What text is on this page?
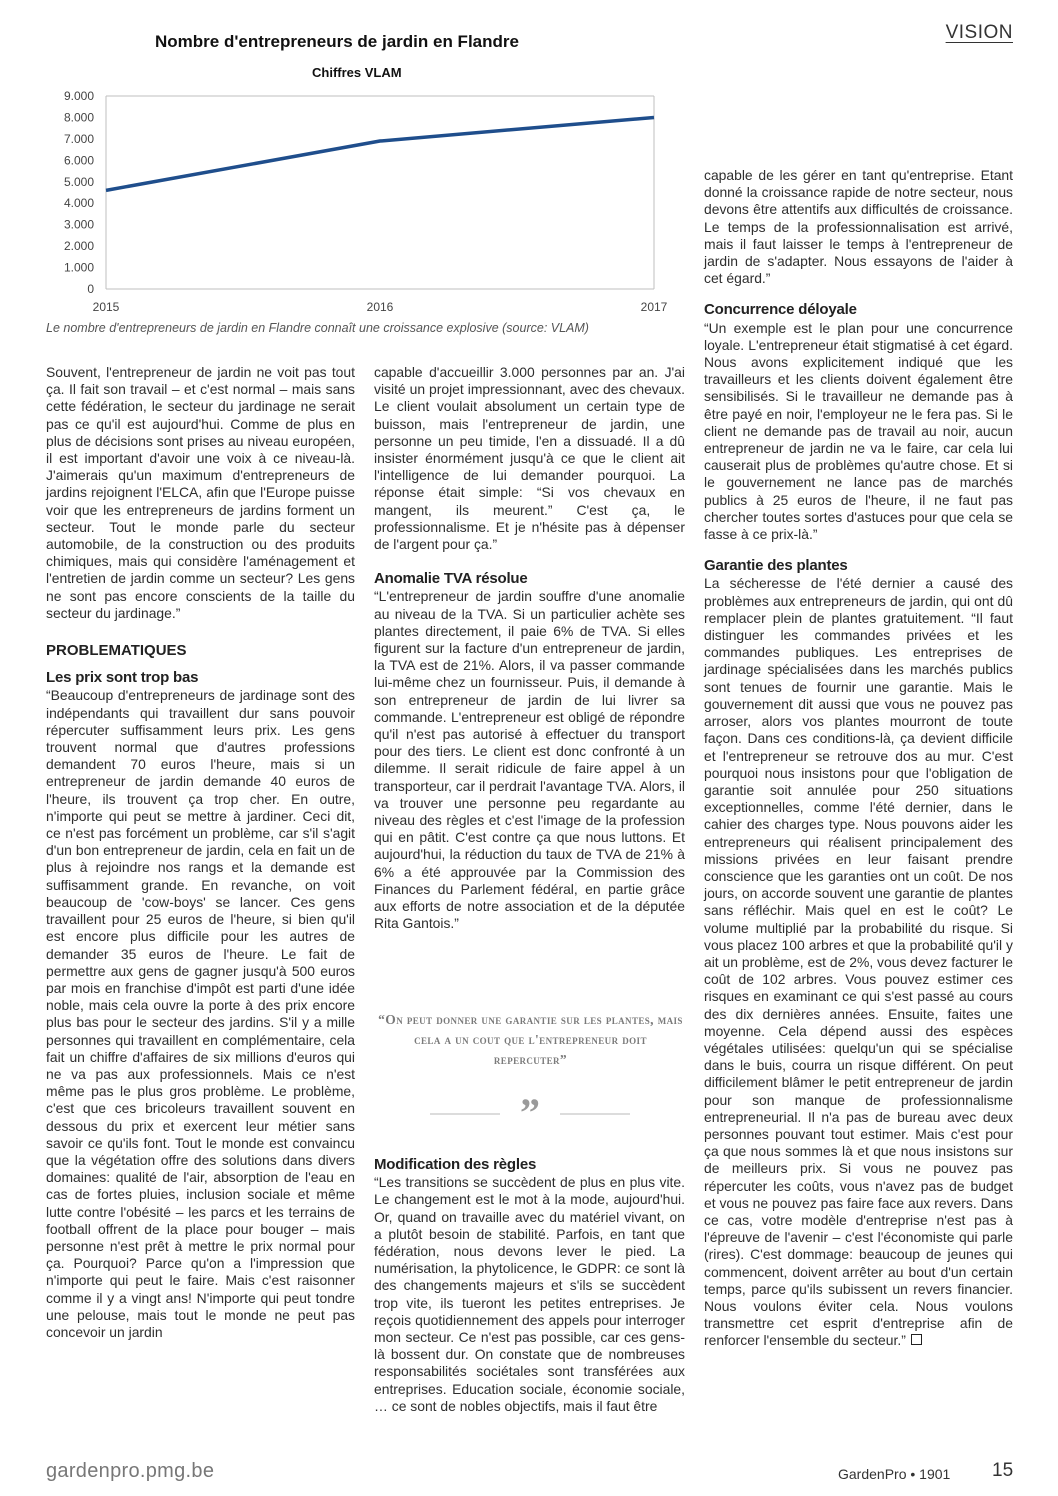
VISION
Nombre d'entrepreneurs de jardin en Flandre
Chiffres VLAM
0
1.000
2.000
3.000
4.000
5.000
6.000
7.000
8.000
9.000
2015	2016	2017
Le nombre d'entrepreneurs de jardin en Flandre connaît une croissance explosive (source: VLAM)

Souvent, l'entrepreneur de jardin ne voit pas tout ça. Il fait son travail – et c'est normal – mais sans cette fédération, le secteur du jardinage ne serait pas ce qu'il est aujourd'hui. Comme de plus en plus de décisions sont prises au niveau européen, il est important d'avoir une voix à ce niveau-là. J'aimerais qu'un maximum d'entrepreneurs de jardins rejoignent l'ELCA, afin que l'Europe puisse voir que les entrepreneurs de jardins forment un secteur. Tout le monde parle du secteur automobile, de la construction ou des produits chimiques, mais qui considère l'aménagement et l'entretien de jardin comme un secteur? Les gens ne sont pas encore conscients de la taille du secteur du jardinage.”

PROBLEMATIQUES
Les prix sont trop bas

“Beaucoup d'entrepreneurs de jardinage sont des indépendants qui travaillent dur sans pouvoir répercuter suffisamment leurs prix. Les gens trouvent normal que d'autres professions demandent 70 euros l'heure, mais si un entrepreneur de jardin demande 40 euros de l'heure, ils trouvent ça trop cher. En outre, n'importe qui peut se mettre à jardiner. Ceci dit, ce n'est pas forcément un problème, car s'il s'agit d'un bon entrepreneur de jardin, cela en fait un de plus à rejoindre nos rangs et la demande est suffisamment grande. En revanche, on voit beaucoup de 'cow-boys' se lancer. Ces gens travaillent pour 25 euros de l'heure, si bien qu'il est encore plus difficile pour les autres de demander 35 euros de l'heure. Le fait de permettre aux gens de gagner jusqu'à 500 euros par mois en franchise d'impôt est parti d'une idée noble, mais cela ouvre la porte à des prix encore plus bas pour le secteur des jardins. S'il y a mille personnes qui travaillent en complémentaire, cela fait un chiffre d'affaires de six millions d'euros qui ne va pas aux professionnels. Mais ce n'est même pas le plus gros problème. Le problème, c'est que ces bricoleurs travaillent souvent en dessous du prix et exercent leur métier sans savoir ce qu'ils font. Tout le monde est convaincu que la végétation offre des solutions dans divers domaines: qualité de l'air, absorption de l'eau en cas de fortes pluies, inclusion sociale et même lutte contre l'obésité – les parcs et les terrains de football offrent de la place pour bouger – mais personne n'est prêt à mettre le prix normal pour ça. Pourquoi? Parce qu'on a l'impression que n'importe qui peut le faire. Mais c'est raisonner comme il y a vingt ans! N'importe qui peut tondre une pelouse, mais tout le monde ne peut pas concevoir un jardin

capable d'accueillir 3.000 personnes par an. J'ai visité un projet impressionnant, avec des chevaux. Le client voulait absolument un certain type de buisson, mais l'entrepreneur de jardin, une personne un peu timide, l'en a dissuadé. Il a dû insister énormément jusqu'à ce que le client ait l'intelligence de lui demander pourquoi. La réponse était simple: “Si vos chevaux en mangent, ils meurent.” C'est ça, le professionnalisme. Et je n'hésite pas à dépenser de l'argent pour ça.”

Anomalie TVA résolue

“L'entrepreneur de jardin souffre d'une anomalie au niveau de la TVA. Si un particulier achète ses plantes directement, il paie 6% de TVA. Si elles figurent sur la facture d'un entrepreneur de jardin, la TVA est de 21%. Alors, il va passer commande lui-même chez un fournisseur. Puis, il demande à son entrepreneur de jardin de lui livrer sa commande. L'entrepreneur est obligé de répondre qu'il n'est pas autorisé à effectuer du transport pour des tiers. Le client est donc confronté à un dilemme. Il serait ridicule de faire appel à un transporteur, car il perdrait l'avantage TVA. Alors, il va trouver une personne peu regardante au niveau des règles et c'est l'image de la profession qui en pâtit. C'est contre ça que nous luttons. Et aujourd'hui, la réduction du taux de TVA de 21% à 6% a été approuvée par la Commission des Finances du Parlement fédéral, en partie grâce aux efforts de notre association et de la députée Rita Gantois.”

“On peut donner une garantie sur les plantes, mais cela a un cout que l'entrepreneur doit repercuter”
”
Modification des règles

“Les transitions se succèdent de plus en plus vite. Le changement est le mot à la mode, aujourd'hui. Or, quand on travaille avec du matériel vivant, on a plutôt besoin de stabilité. Parfois, en tant que fédération, nous devons lever le pied. La numérisation, la phytolicence, le GDPR: ce sont là des changements majeurs et s'ils se succèdent trop vite, ils tueront les petites entreprises. Je reçois quotidiennement des appels pour interroger mon secteur. Ce n'est pas possible, car ces gens-là bossent dur. On constate que de nombreuses responsabilités sociétales sont transférées aux entreprises. Education sociale, économie sociale, … ce sont de nobles objectifs, mais il faut être

capable de les gérer en tant qu'entreprise. Etant donné la croissance rapide de notre secteur, nous devons être attentifs aux difficultés de croissance. Le temps de la professionnalisation est arrivé, mais il faut laisser le temps à l'entrepreneur de jardin de s'adapter. Nous essayons de l'aider à cet égard.”

Concurrence déloyale

“Un exemple est le plan pour une concurrence loyale. L'entrepreneur était stigmatisé à cet égard. Nous avons explicitement indiqué que les travailleurs et les clients doivent également être sensibilisés. Si le travailleur ne demande pas à être payé en noir, l'employeur ne le fera pas. Si le client ne demande pas de travail au noir, aucun entrepreneur de jardin ne va le faire, car cela lui causerait plus de problèmes qu'autre chose. Et si le gouvernement ne lance pas de marchés publics à 25 euros de l'heure, il ne faut pas chercher toutes sortes d'astuces pour que cela se fasse à ce prix-là.”

Garantie des plantes

La sécheresse de l'été dernier a causé des problèmes aux entrepreneurs de jardin, qui ont dû remplacer plein de plantes gratuitement. “Il faut distinguer les commandes privées et les commandes publiques. Les entreprises de jardinage spécialisées dans les marchés publics sont tenues de fournir une garantie. Mais le gouvernement dit aussi que vous ne pouvez pas arroser, alors vos plantes mourront de toute façon. Dans ces conditions-là, ça devient difficile et l'entrepreneur se retrouve dos au mur. C'est pourquoi nous insistons pour que l'obligation de garantie soit annulée pour 250 situations exceptionnelles, comme l'été dernier, dans le cahier des charges type. Nous pouvons aider les entrepreneurs qui réalisent principalement des missions privées en leur faisant prendre conscience que les garanties ont un coût. De nos jours, on accorde souvent une garantie de plantes sans réfléchir. Mais quel en est le coût? Le volume multiplié par la probabilité du risque. Si vous placez 100 arbres et que la probabilité qu'il y ait un problème, est de 2%, vous devez facturer le coût de 102 arbres. Vous pouvez estimer ces risques en examinant ce qui s'est passé au cours des dix dernières années. Ensuite, faites une moyenne. Cela dépend aussi des espèces végétales utilisées: quelqu'un qui se spécialise dans le buis, courra un risque différent. On peut difficilement blâmer le petit entrepreneur de jardin pour son manque de professionnalisme entrepreneurial. Il n'a pas de bureau avec deux personnes pouvant tout estimer. Mais c'est pour ça que nous sommes là et que nous insistons sur de meilleurs prix. Si vous ne pouvez pas répercuter les coûts, vous n'avez pas de budget et vous ne pouvez pas faire face aux revers. Dans ce cas, votre modèle d'entreprise n'est pas à l'épreuve de l'avenir – c'est l'économiste qui parle (rires). C'est dommage: beaucoup de jeunes qui commencent, doivent arrêter au bout d'un certain temps, parce qu'ils subissent un revers financier. Nous voulons éviter cela. Nous voulons transmettre cet esprit d'entreprise afin de renforcer l'ensemble du secteur.”

gardenpro.pmg.be	GardenPro • 1901 15
